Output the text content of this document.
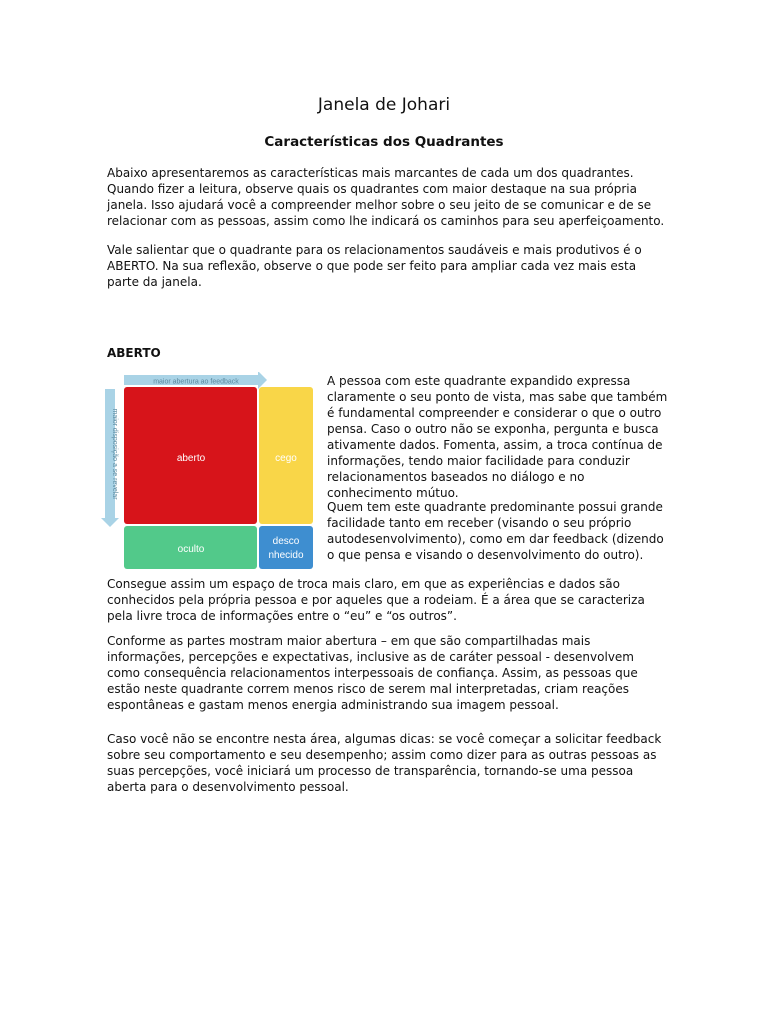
Janela de Johari
Características dos Quadrantes

Abaixo apresentaremos as características mais marcantes de cada um dos quadrantes. Quando fizer a leitura, observe quais os quadrantes com maior destaque na sua própria janela. Isso ajudará você a compreender melhor sobre o seu jeito de se comunicar e de se relacionar com as pessoas, assim como lhe indicará os caminhos para seu aperfeiçoamento.

Vale salientar que o quadrante para os relacionamentos saudáveis e mais produtivos é o ABERTO. Na sua reflexão, observe o que pode ser feito para ampliar cada vez mais esta parte da janela.

ABERTO
maior abertura ao feedback
maior disposição a se revelar	aberto	cego
oculto
desco
nhecido

A pessoa com este quadrante expandido expressa claramente o seu ponto de vista, mas sabe que também é fundamental compreender e considerar o que o outro pensa. Caso o outro não se exponha, pergunta e busca ativamente dados. Fomenta, assim, a troca contínua de informações, tendo maior facilidade para conduzir relacionamentos baseados no diálogo e no conhecimento mútuo.

Quem tem este quadrante predominante possui grande facilidade tanto em receber (visando o seu próprio autodesenvolvimento), como em dar feedback (dizendo o que pensa e visando o desenvolvimento do outro).

Consegue assim um espaço de troca mais claro, em que as experiências e dados são conhecidos pela própria pessoa e por aqueles que a rodeiam. É a área que se caracteriza pela livre troca de informações entre o “eu” e “os outros”.

Conforme as partes mostram maior abertura – em que são compartilhadas mais informações, percepções e expectativas, inclusive as de caráter pessoal - desenvolvem como consequência relacionamentos interpessoais de confiança. Assim, as pessoas que estão neste quadrante correm menos risco de serem mal interpretadas, criam reações espontâneas e gastam menos energia administrando sua imagem pessoal.

Caso você não se encontre nesta área, algumas dicas: se você começar a solicitar feedback sobre seu comportamento e seu desempenho; assim como dizer para as outras pessoas as suas percepções, você iniciará um processo de transparência, tornando-se uma pessoa aberta para o desenvolvimento pessoal.
